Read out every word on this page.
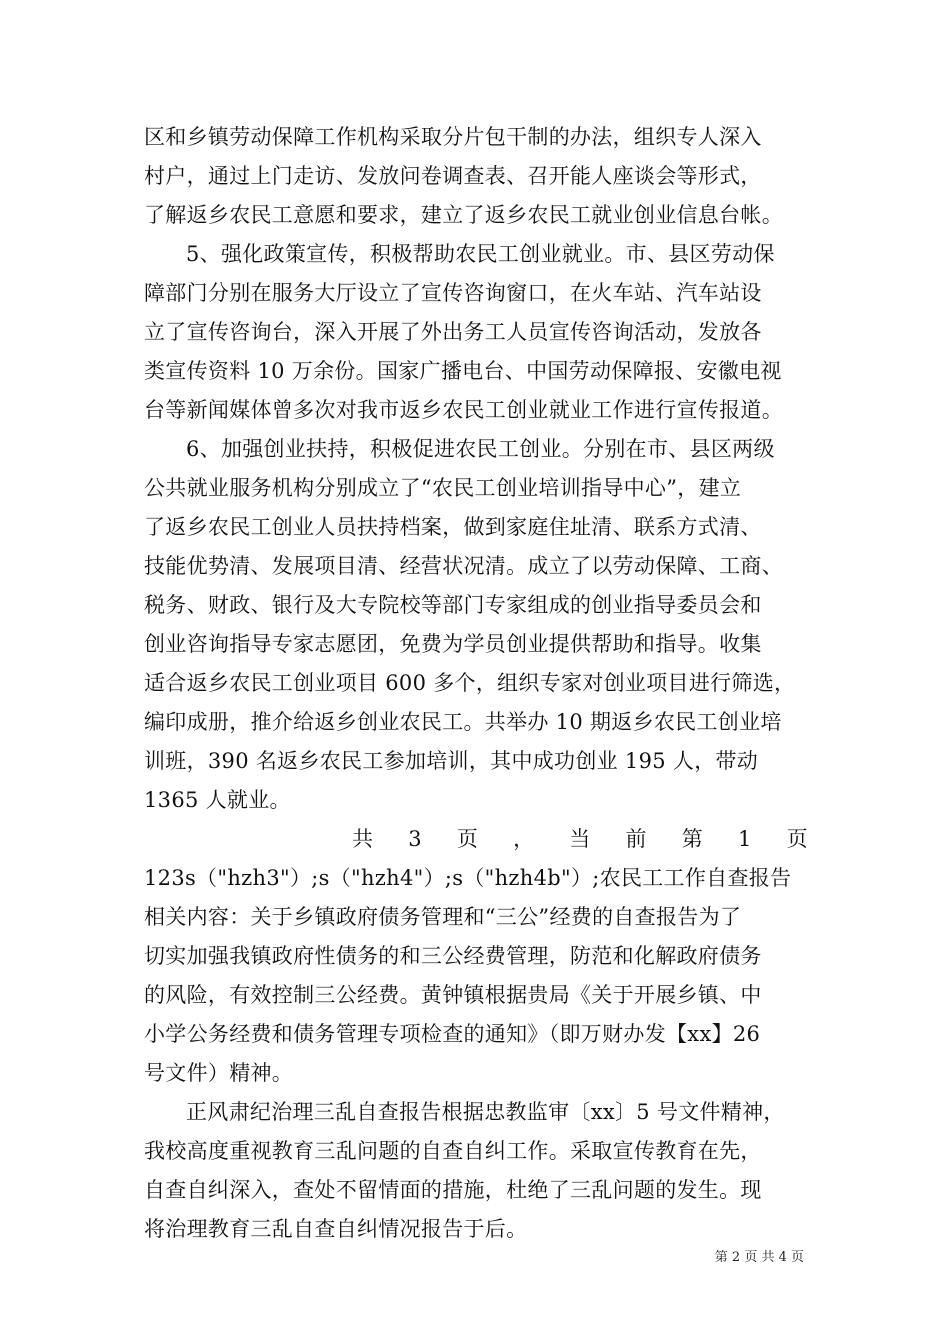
区和乡镇劳动保障工作机构采取分片包干制的办法，组织专人深入
村户，通过上门走访、发放问卷调查表、召开能人座谈会等形式，
了解返乡农民工意愿和要求，建立了返乡农民工就业创业信息台帐。
5、强化政策宣传，积极帮助农民工创业就业。市、县区劳动保
障部门分别在服务大厅设立了宣传咨询窗口，在火车站、汽车站设
立了宣传咨询台，深入开展了外出务工人员宣传咨询活动，发放各
类宣传资料 10 万余份。国家广播电台、中国劳动保障报、安徽电视
台等新闻媒体曾多次对我市返乡农民工创业就业工作进行宣传报道。
6、加强创业扶持，积极促进农民工创业。分别在市、县区两级
公共就业服务机构分别成立了“农民工创业培训指导中心”，建立
了返乡农民工创业人员扶持档案，做到家庭住址清、联系方式清、
技能优势清、发展项目清、经营状况清。成立了以劳动保障、工商、
税务、财政、银行及大专院校等部门专家组成的创业指导委员会和
创业咨询指导专家志愿团，免费为学员创业提供帮助和指导。收集
适合返乡农民工创业项目 600 多个，组织专家对创业项目进行筛选，
编印成册，推介给返乡创业农民工。共举办 10 期返乡农民工创业培
训班，390 名返乡农民工参加培训，其中成功创业 195 人，带动
1365 人就业。
共 3 页 ， 当 前 第 1 页
123s（"hzh3"）;s（"hzh4"）;s（"hzh4b"）;农民工工作自查报告
相关内容：关于乡镇政府债务管理和“三公”经费的自查报告为了
切实加强我镇政府性债务的和三公经费管理，防范和化解政府债务
的风险，有效控制三公经费。黄钟镇根据贵局《关于开展乡镇、中
小学公务经费和债务管理专项检查的通知》（即万财办发【xx】26
号文件）精神。
正风肃纪治理三乱自查报告根据忠教监审〔xx〕5 号文件精神，
我校高度重视教育三乱问题的自查自纠工作。采取宣传教育在先，
自查自纠深入，查处不留情面的措施，杜绝了三乱问题的发生。现
将治理教育三乱自查自纠情况报告于后。
第 2 页 共 4 页
